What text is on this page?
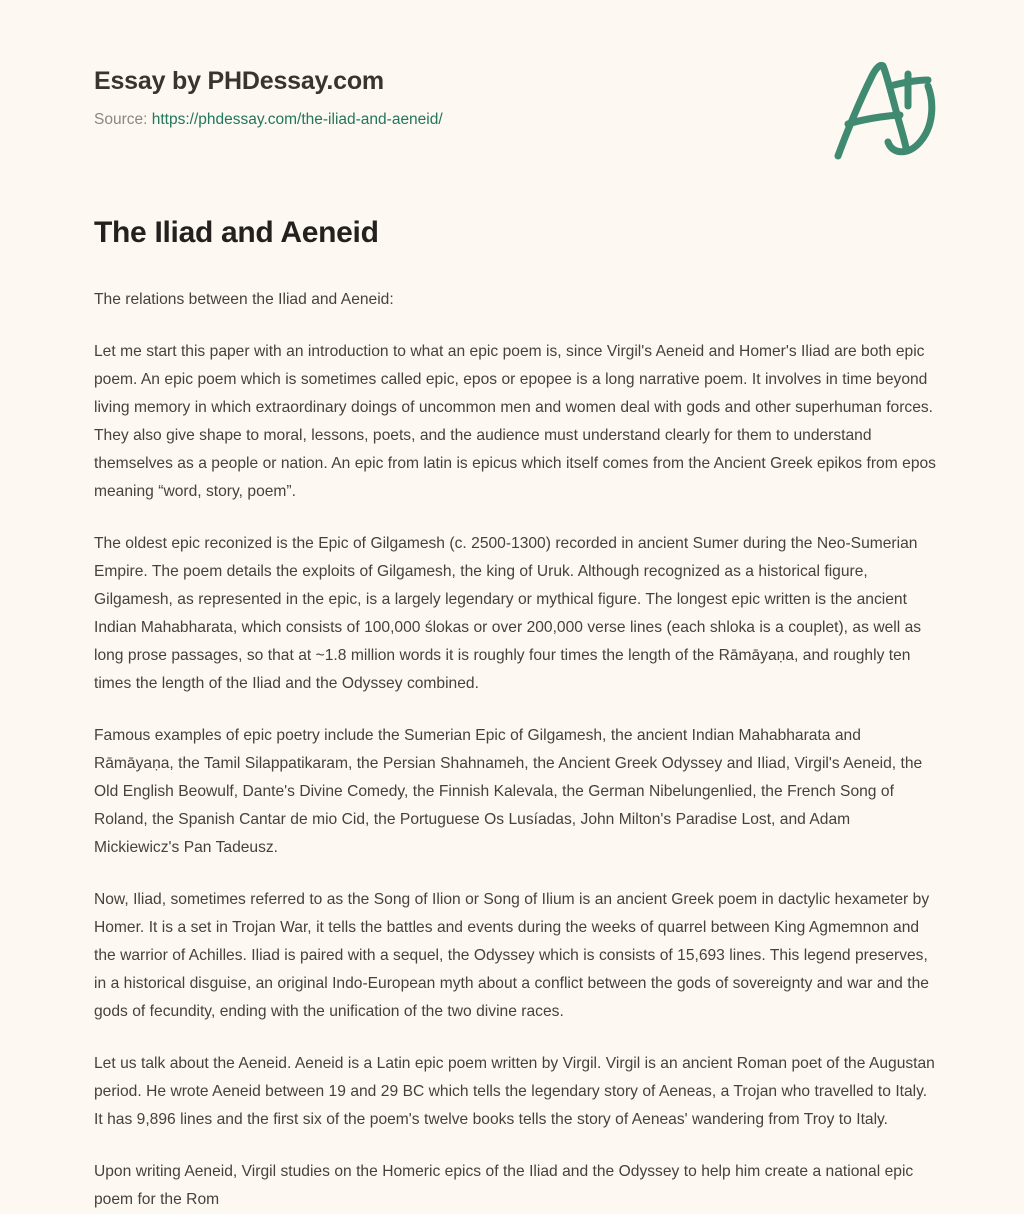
Essay by PHDessay.com
Source: https://phdessay.com/the-iliad-and-aeneid/
The Iliad and Aeneid

The relations between the Iliad and Aeneid:

Let me start this paper with an introduction to what an epic poem is, since Virgil's Aeneid and Homer's Iliad are both epic poem. An epic poem which is sometimes called epic, epos or epopee is a long narrative poem. It involves in time beyond living memory in which extraordinary doings of uncommon men and women deal with gods and other superhuman forces. They also give shape to moral, lessons, poets, and the audience must understand clearly for them to understand themselves as a people or nation. An epic from latin is epicus which itself comes from the Ancient Greek epikos from epos meaning “word, story, poem”.

The oldest epic reconized is the Epic of Gilgamesh (c. 2500-1300) recorded in ancient Sumer during the Neo-Sumerian Empire. The poem details the exploits of Gilgamesh, the king of Uruk. Although recognized as a historical figure, Gilgamesh, as represented in the epic, is a largely legendary or mythical figure. The longest epic written is the ancient Indian Mahabharata, which consists of 100,000 ślokas or over 200,000 verse lines (each shloka is a couplet), as well as long prose passages, so that at ~1.8 million words it is roughly four times the length of the Rāmāyaṇa, and roughly ten times the length of the Iliad and the Odyssey combined.

Famous examples of epic poetry include the Sumerian Epic of Gilgamesh, the ancient Indian Mahabharata and Rāmāyaṇa, the Tamil Silappatikaram, the Persian Shahnameh, the Ancient Greek Odyssey and Iliad, Virgil's Aeneid, the Old English Beowulf, Dante's Divine Comedy, the Finnish Kalevala, the German Nibelungenlied, the French Song of Roland, the Spanish Cantar de mio Cid, the Portuguese Os Lusíadas, John Milton's Paradise Lost, and Adam Mickiewicz's Pan Tadeusz.

Now, Iliad, sometimes referred to as the Song of Ilion or Song of Ilium is an ancient Greek poem in dactylic hexameter by Homer. It is a set in Trojan War, it tells the battles and events during the weeks of quarrel between King Agmemnon and the warrior of Achilles. Iliad is paired with a sequel, the Odyssey which is consists of 15,693 lines. This legend preserves, in a historical disguise, an original Indo-European myth about a conflict between the gods of sovereignty and war and the gods of fecundity, ending with the unification of the two divine races.

Let us talk about the Aeneid. Aeneid is a Latin epic poem written by Virgil. Virgil is an ancient Roman poet of the Augustan period. He wrote Aeneid between 19 and 29 BC which tells the legendary story of Aeneas, a Trojan who travelled to Italy. It has 9,896 lines and the first six of the poem's twelve books tells the story of Aeneas' wandering from Troy to Italy.

Upon writing Aeneid, Virgil studies on the Homeric epics of the Iliad and the Odyssey to help him create a national epic poem for the Rom
